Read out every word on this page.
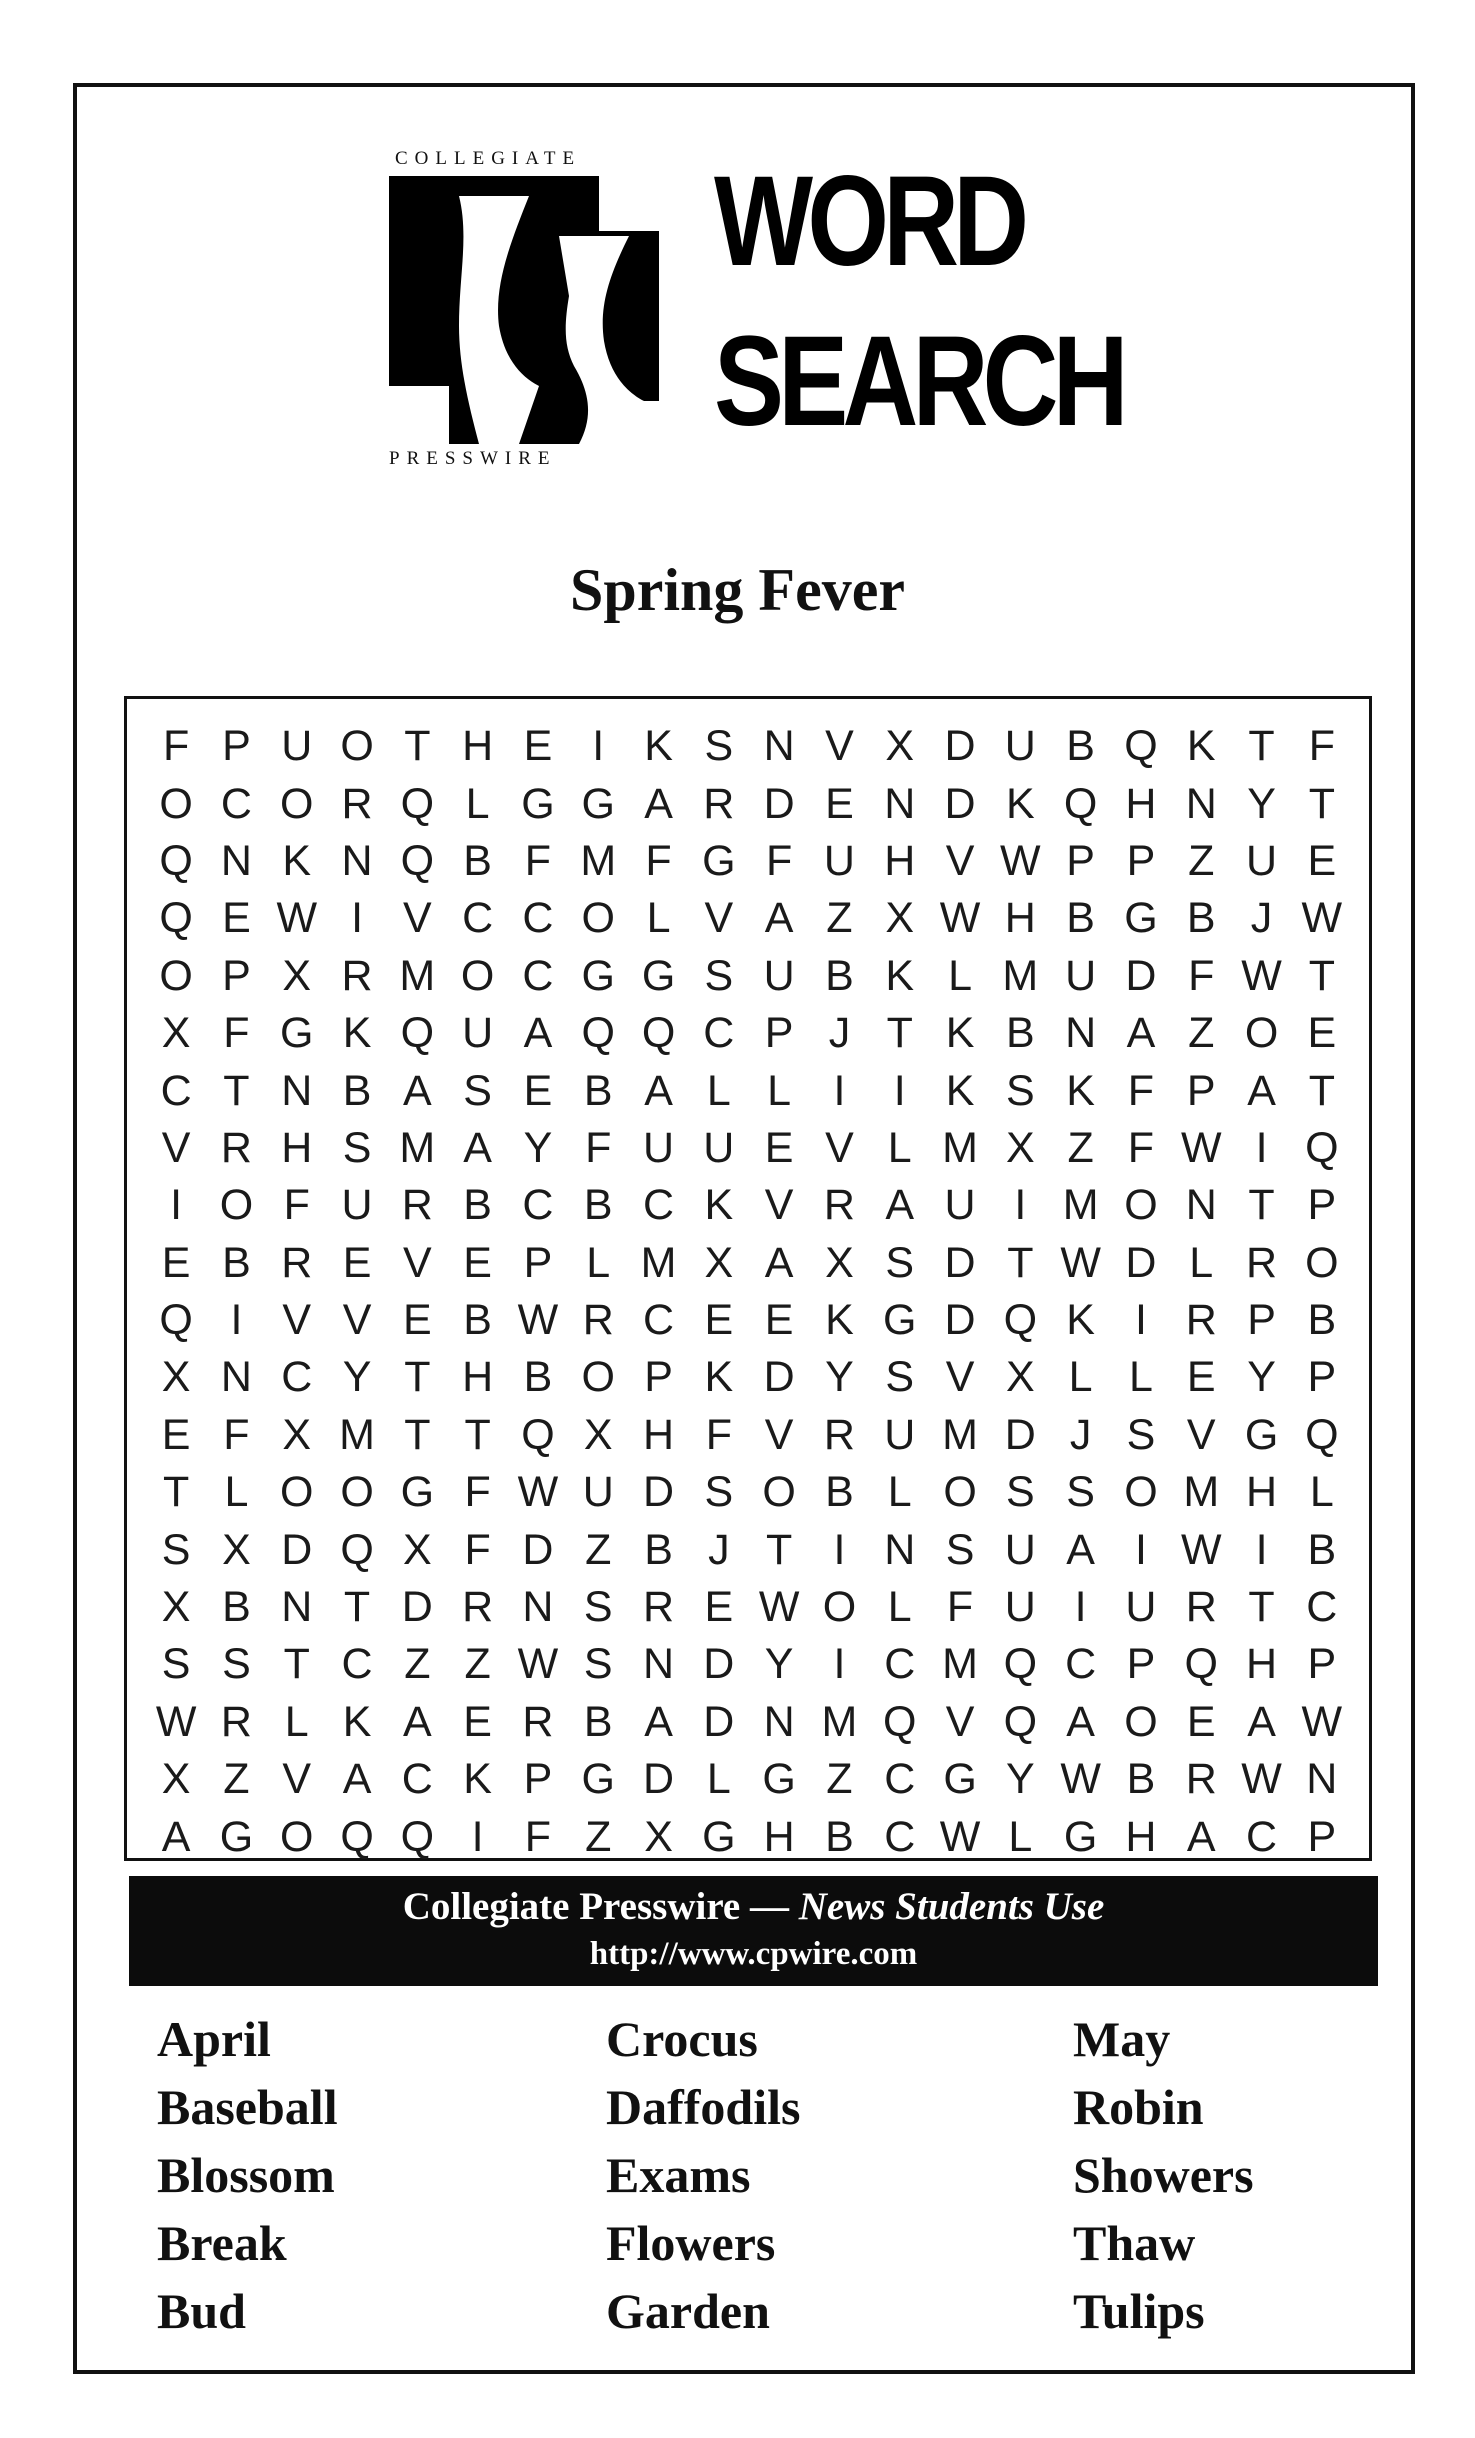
COLLEGIATE
PRESSWIRE
WORD
SEARCH
Spring Fever
F P U O T H E I K S N V X D U B Q K T F
O C O R Q L G G A R D E N D K Q H N Y T
Q N K N Q B F M F G F U H V W P P Z U E
Q E W I V C C O L V A Z X W H B G B J W
O P X R M O C G G S U B K L M U D F W T
X F G K Q U A Q Q C P J T K B N A Z O E
C T N B A S E B A L L I	I K S K F P A T
V R H S M A Y F U U E V L M X Z F W I Q
I O F U R B C B C K V R A U I M O N T P
E B R E V E P L M X A X S D T W D L R O
Q I V V E B W R C E E K G D Q K I R P B
X N C Y T H B O P K D Y S V X L L E Y P
E F X M T T Q X H F V R U M D J S V G Q
T L O O G F W U D S O B L O S S O M H L
S X D Q X F D Z B J T I N S U A I W I B
X B N T D R N S R E W O L F U I U R T C
S S T C Z Z W S N D Y I C M Q C P Q H P
W R L K A E R B A D N M Q V Q A O E A W
X Z V A C K P G D L G Z C G Y W B R W N
A G O Q Q I F Z X G H B C W L G H A C P
Collegiate Presswire — News Students Use
http://www.cpwire.com
April
Baseball
Blossom
Break
Bud
Crocus
Daffodils
Exams
Flowers
Garden
May
Robin
Showers
Thaw
Tulips
